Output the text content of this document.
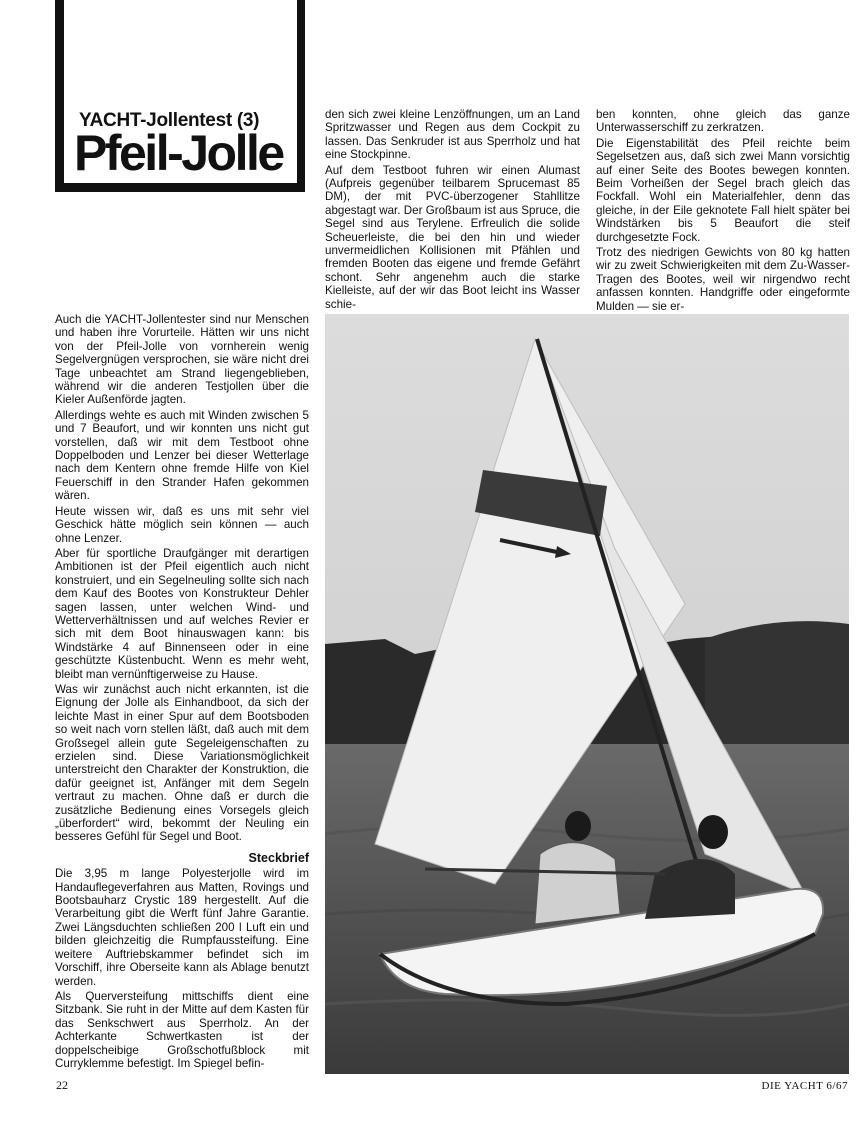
YACHT-Jollentest (3)
Pfeil-Jolle

Auch die YACHT-Jollentester sind nur Menschen und haben ihre Vorurteile. Hätten wir uns nicht von der Pfeil-Jolle von vornherein wenig Segelvergnügen versprochen, sie wäre nicht drei Tage unbeachtet am Strand liegengeblieben, während wir die anderen Testjollen über die Kieler Außenförde jagten.

Allerdings wehte es auch mit Winden zwischen 5 und 7 Beaufort, und wir konnten uns nicht gut vorstellen, daß wir mit dem Testboot ohne Doppelboden und Lenzer bei dieser Wetterlage nach dem Kentern ohne fremde Hilfe von Kiel Feuerschiff in den Strander Hafen gekommen wären.

Heute wissen wir, daß es uns mit sehr viel Geschick hätte möglich sein können — auch ohne Lenzer.

Aber für sportliche Draufgänger mit derartigen Ambitionen ist der Pfeil eigentlich auch nicht konstruiert, und ein Segelneuling sollte sich nach dem Kauf des Bootes von Konstrukteur Dehler sagen lassen, unter welchen Wind- und Wetterverhältnissen und auf welches Revier er sich mit dem Boot hinauswagen kann: bis Windstärke 4 auf Binnenseen oder in eine geschützte Küstenbucht. Wenn es mehr weht, bleibt man vernünftigerweise zu Hause.

Was wir zunächst auch nicht erkannten, ist die Eignung der Jolle als Einhandboot, da sich der leichte Mast in einer Spur auf dem Bootsboden so weit nach vorn stellen läßt, daß auch mit dem Großsegel allein gute Segeleigenschaften zu erzielen sind. Diese Variationsmöglichkeit unterstreicht den Charakter der Konstruktion, die dafür geeignet ist, Anfänger mit dem Segeln vertraut zu machen. Ohne daß er durch die zusätzliche Bedienung eines Vorsegels gleich „überfordert“ wird, bekommt der Neuling ein besseres Gefühl für Segel und Boot.

Steckbrief

Die 3,95 m lange Polyesterjolle wird im Handauflegeverfahren aus Matten, Rovings und Bootsbauharz Crystic 189 hergestellt. Auf die Verarbeitung gibt die Werft fünf Jahre Garantie. Zwei Längsduchten schließen 200 l Luft ein und bilden gleichzeitig die Rumpfaussteifung. Eine weitere Auftriebskammer befindet sich im Vorschiff, ihre Oberseite kann als Ablage benutzt werden.

Als Querversteifung mittschiffs dient eine Sitzbank. Sie ruht in der Mitte auf dem Kasten für das Senkschwert aus Sperrholz. An der Achterkante Schwertkasten ist der doppelscheibige Großschotfußblock mit Curryklemme befestigt. Im Spiegel befin-

den sich zwei kleine Lenzöffnungen, um an Land Spritzwasser und Regen aus dem Cockpit zu lassen. Das Senkruder ist aus Sperrholz und hat eine Stockpinne.

Auf dem Testboot fuhren wir einen Alumast (Aufpreis gegenüber teilbarem Sprucemast 85 DM), der mit PVC-überzogener Stahllitze abgestagt war. Der Großbaum ist aus Spruce, die Segel sind aus Terylene. Erfreulich die solide Scheuerleiste, die bei den hin und wieder unvermeidlichen Kollisionen mit Pfählen und fremden Booten das eigene und fremde Gefährt schont. Sehr angenehm auch die starke Kielleiste, auf der wir das Boot leicht ins Wasser schie-

ben konnten, ohne gleich das ganze Unterwasserschiff zu zerkratzen.

Die Eigenstabilität des Pfeil reichte beim Segelsetzen aus, daß sich zwei Mann vorsichtig auf einer Seite des Bootes bewegen konnten. Beim Vorheißen der Segel brach gleich das Fockfall. Wohl ein Materialfehler, denn das gleiche, in der Eile geknotete Fall hielt später bei Windstärken bis 5 Beaufort die steif durchgesetzte Fock.

Trotz des niedrigen Gewichts von 80 kg hatten wir zu zweit Schwierigkeiten mit dem Zu-Wasser-Tragen des Bootes, weil wir nirgendwo recht anfassen konnten. Handgriffe oder eingeformte Mulden — sie er-

22	DIE YACHT 6/67
